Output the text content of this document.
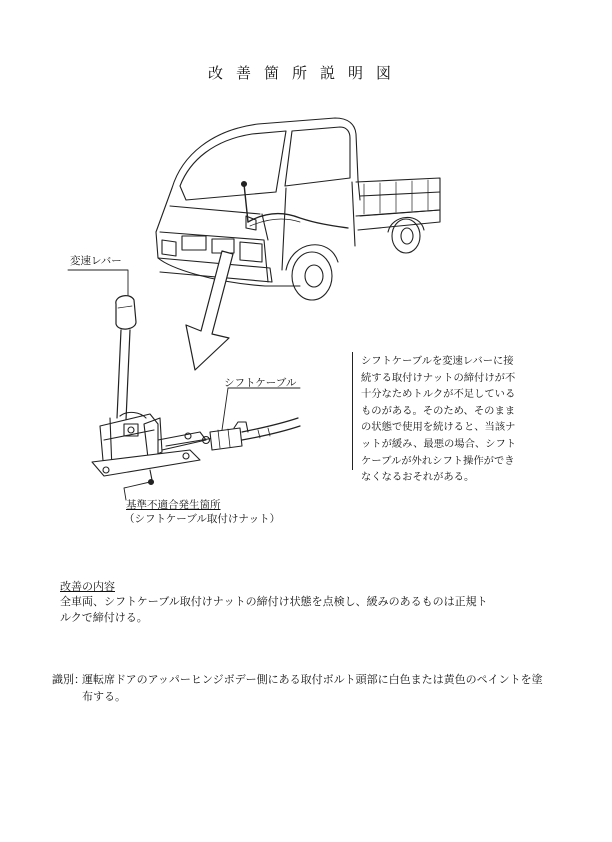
改善箇所説明図
変速レバー
シフトケーブル
基準不適合発生箇所
（シフトケーブル取付けナット）
シフトケーブルを変速レバーに接
続する取付けナットの締付けが不
十分なためトルクが不足している
ものがある。そのため、そのまま
の状態で使用を続けると、当該ナ
ットが緩み、最悪の場合、シフト
ケーブルが外れシフト操作ができ
なくなるおそれがある。
改善の内容
全車両、シフトケーブル取付けナットの締付け状態を点検し、緩みのあるものは正規ト
ルクで締付ける。
識別：
運転席ドアのアッパーヒンジボデー側にある取付ボルト頭部に白色または黄色のペイントを塗
布する。
